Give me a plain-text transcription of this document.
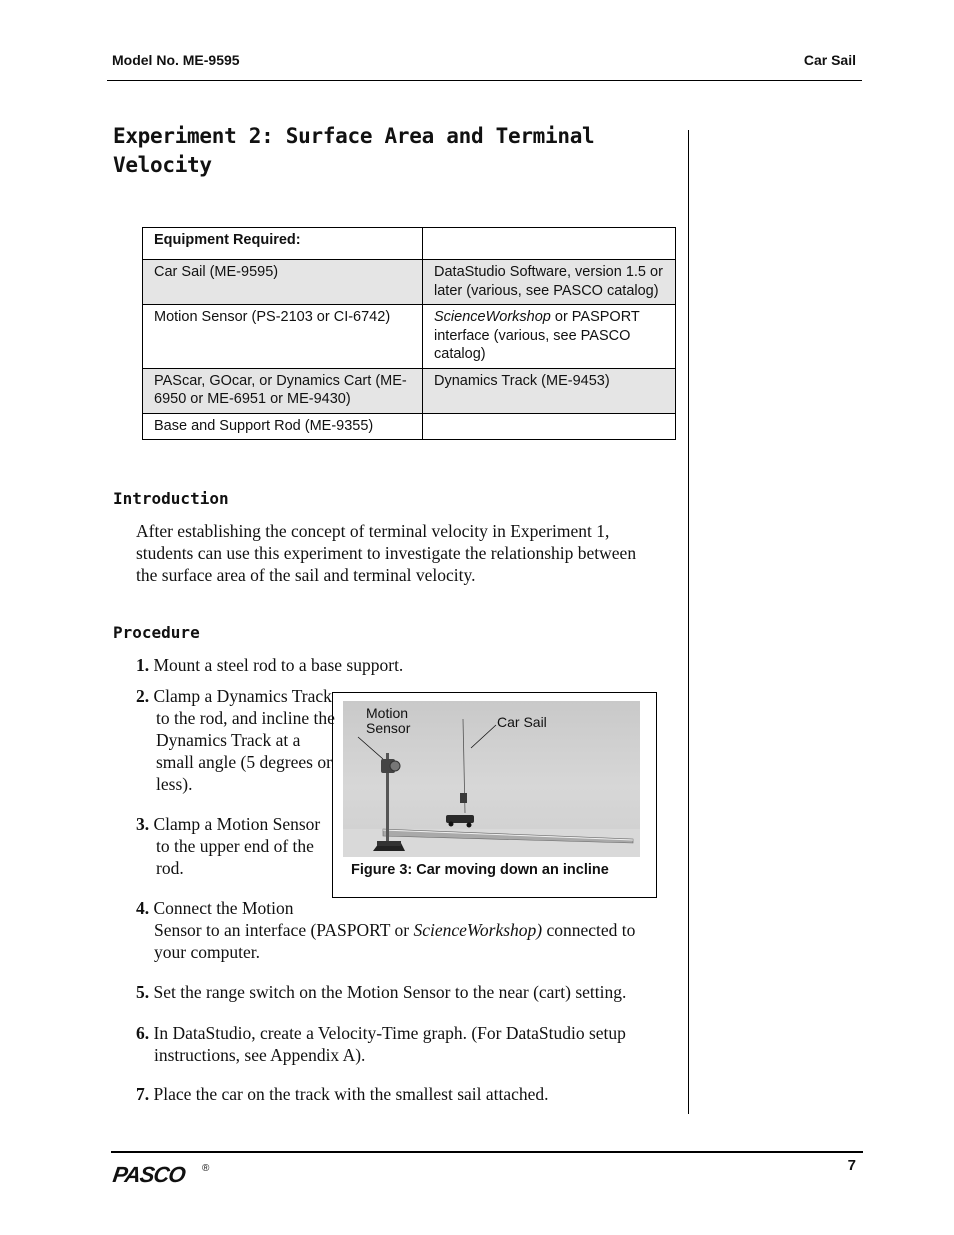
Model No. ME-9595	Car Sail
Experiment 2: Surface Area and Terminal Velocity
Equipment Required:	
Car Sail (ME-9595)	DataStudio Software, version 1.5 or later (various, see PASCO catalog)
Motion Sensor (PS-2103 or CI-6742)	ScienceWorkshop or PASPORT interface (various, see PASCO catalog)
PAScar, GOcar, or Dynamics Cart (ME-6950 or ME-6951 or ME-9430)	Dynamics Track (ME-9453)
Base and Support Rod (ME-9355)	
Introduction
After establishing the concept of terminal velocity in Experiment 1, students can use this experiment to investigate the relationship between the surface area of the sail and terminal velocity.
Procedure
1. Mount a steel rod to a base support.
2. Clamp a Dynamics Track to the rod, and incline the Dynamics Track at a small angle (5 degrees or less).
3. Clamp a Motion Sensor to the upper end of the rod.
4. Connect the Motion
Sensor to an interface (PASPORT or ScienceWorkshop) connected to your computer.
5. Set the range switch on the Motion Sensor to the near (cart) setting.
6. In DataStudio, create a Velocity-Time graph. (For DataStudio setup instructions, see Appendix A).
7. Place the car on the track with the smallest sail attached.
Motion Sensor	Car Sail
Figure 3: Car moving down an incline
PASCO ®	7
